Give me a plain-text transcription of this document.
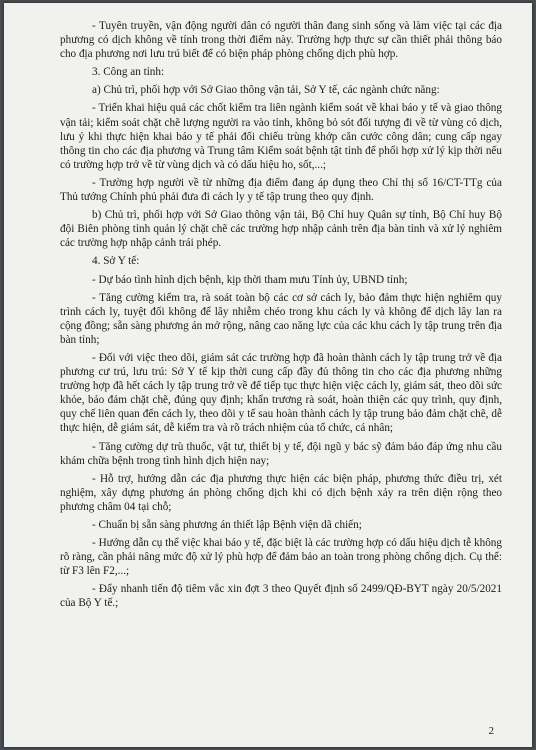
- Tuyên truyền, vận động người dân có người thân đang sinh sống và làm việc tại các địa phương có dịch không về tỉnh trong thời điểm này. Trường hợp thực sự cần thiết phải thông báo cho địa phương nơi lưu trú biết để có biện pháp phòng chống dịch phù hợp.

3. Công an tỉnh:

a) Chủ trì, phối hợp với Sở Giao thông vận tải, Sở Y tế, các ngành chức năng:

- Triển khai hiệu quả các chốt kiểm tra liên ngành kiểm soát về khai báo y tế và giao thông vận tải; kiểm soát chặt chẽ lượng người ra vào tỉnh, không bỏ sót đối tượng đi về từ vùng có dịch, lưu ý khi thực hiện khai báo y tế phải đối chiếu trùng khớp căn cước công dân; cung cấp ngay thông tin cho các địa phương và Trung tâm Kiểm soát bệnh tật tỉnh để phối hợp xử lý kịp thời nếu có trường hợp trở về từ vùng dịch và có dấu hiệu ho, sốt,...;

- Trường hợp người về từ những địa điểm đang áp dụng theo Chỉ thị số 16/CT-TTg của Thủ tướng Chính phủ phải đưa đi cách ly y tế tập trung theo quy định.

b) Chủ trì, phối hợp với Sở Giao thông vận tải, Bộ Chỉ huy Quân sự tỉnh, Bộ Chỉ huy Bộ đội Biên phòng tỉnh quản lý chặt chẽ các trường hợp nhập cảnh trên địa bàn tỉnh và xử lý nghiêm các trường hợp nhập cảnh trái phép.

4. Sở Y tế:

- Dự báo tình hình dịch bệnh, kịp thời tham mưu Tỉnh ủy, UBND tỉnh;

- Tăng cường kiểm tra, rà soát toàn bộ các cơ sở cách ly, bảo đảm thực hiện nghiêm quy trình cách ly, tuyệt đối không để lây nhiễm chéo trong khu cách ly và không để dịch lây lan ra cộng đồng; sẵn sàng phương án mở rộng, nâng cao năng lực của các khu cách ly tập trung trên địa bàn tỉnh;

- Đối với việc theo dõi, giám sát các trường hợp đã hoàn thành cách ly tập trung trở về địa phương cư trú, lưu trú: Sở Y tế kịp thời cung cấp đầy đủ thông tin cho các địa phương những trường hợp đã hết cách ly tập trung trở về để tiếp tục thực hiện việc cách ly, giám sát, theo dõi sức khỏe, bảo đảm chặt chẽ, đúng quy định; khẩn trương rà soát, hoàn thiện các quy trình, quy định, quy chế liên quan đến cách ly, theo dõi y tế sau hoàn thành cách ly tập trung bảo đảm chặt chẽ, dễ thực hiện, dễ giám sát, dễ kiểm tra và rõ trách nhiệm của tổ chức, cá nhân;

- Tăng cường dự trù thuốc, vật tư, thiết bị y tế, đội ngũ y bác sỹ đảm bảo đáp ứng nhu cầu khám chữa bệnh trong tình hình dịch hiện nay;

- Hỗ trợ, hướng dẫn các địa phương thực hiện các biện pháp, phương thức điều trị, xét nghiệm, xây dựng phương án phòng chống dịch khi có dịch bệnh xảy ra trên diện rộng theo phương châm 04 tại chỗ;

- Chuẩn bị sẵn sàng phương án thiết lập Bệnh viện dã chiến;

- Hướng dẫn cụ thể việc khai báo y tế, đặc biệt là các trường hợp có dấu hiệu dịch tễ không rõ ràng, cần phải nâng mức độ xử lý phù hợp để đảm bảo an toàn trong phòng chống dịch. Cụ thể: từ F3 lên F2,...;

- Đẩy nhanh tiến độ tiêm vắc xin đợt 3 theo Quyết định số 2499/QĐ-BYT ngày 20/5/2021 của Bộ Y tế.;

2
